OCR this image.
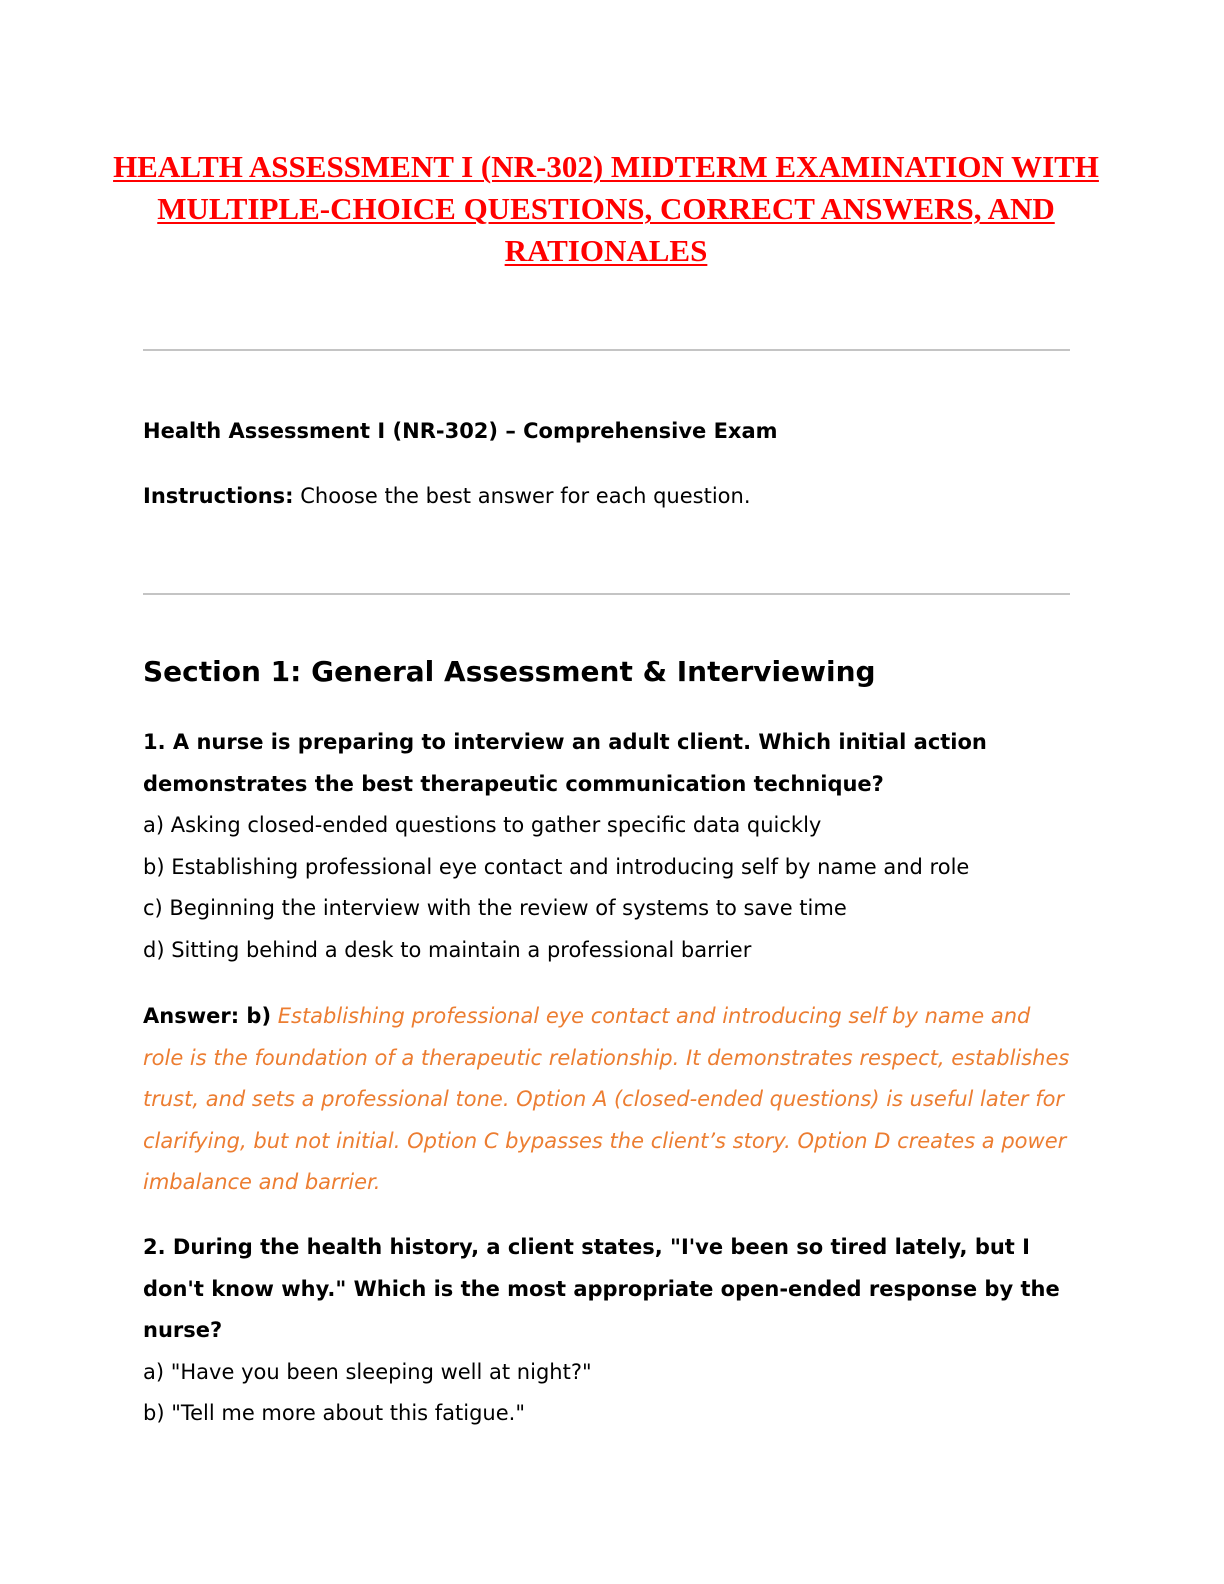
HEALTH ASSESSMENT I (NR-302) MIDTERM EXAMINATION WITH MULTIPLE-CHOICE QUESTIONS, CORRECT ANSWERS, AND RATIONALES

Health Assessment I (NR-302) – Comprehensive Exam

Instructions: Choose the best answer for each question.

Section 1: General Assessment & Interviewing

1. A nurse is preparing to interview an adult client. Which initial action demonstrates the best therapeutic communication technique?

a) Asking closed-ended questions to gather specific data quickly

b) Establishing professional eye contact and introducing self by name and role

c) Beginning the interview with the review of systems to save time

d) Sitting behind a desk to maintain a professional barrier

Answer: b) Establishing professional eye contact and introducing self by name and role is the foundation of a therapeutic relationship. It demonstrates respect, establishes trust, and sets a professional tone. Option A (closed-ended questions) is useful later for clarifying, but not initial. Option C bypasses the client’s story. Option D creates a power imbalance and barrier.

2. During the health history, a client states, "I've been so tired lately, but I don't know why." Which is the most appropriate open-ended response by the nurse?

a) "Have you been sleeping well at night?"

b) "Tell me more about this fatigue."
